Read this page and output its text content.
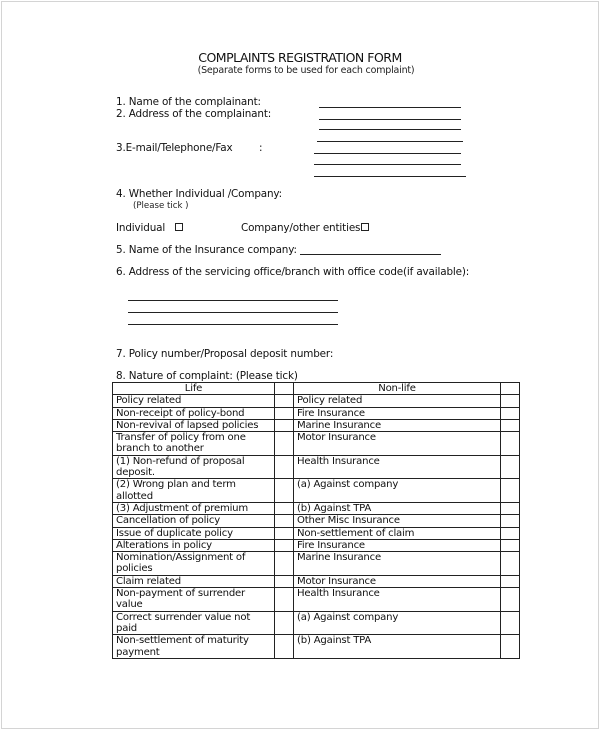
COMPLAINTS REGISTRATION FORM
(Separate forms to be used for each complaint)
1. Name of the complainant:
2. Address of the complainant:
3.E-mail/Telephone/Fax	:
4. Whether Individual /Company:
(Please tick )
Individual	Company/other entities
5. Name of the Insurance company:
6. Address of the servicing office/branch with office code(if available):
7. Policy number/Proposal deposit number:
8. Nature of complaint: (Please tick)
Life		Non-life	
Policy related		Policy related	
Non-receipt of policy-bond		Fire Insurance	
Non-revival of lapsed policies		Marine Insurance	
Transfer of policy from one branch to another		Motor Insurance	
(1) Non-refund of proposal deposit.		Health Insurance	
(2) Wrong plan and term allotted		(a) Against company	
(3) Adjustment of premium		(b) Against TPA	
Cancellation of policy		Other Misc Insurance	
Issue of duplicate policy		Non-settlement of claim	
Alterations in policy		Fire Insurance	
Nomination/Assignment of policies		Marine Insurance	
Claim related		Motor Insurance	
Non-payment of surrender value		Health Insurance	
Correct surrender value not paid		(a) Against company	
Non-settlement of maturity payment		(b) Against TPA	
